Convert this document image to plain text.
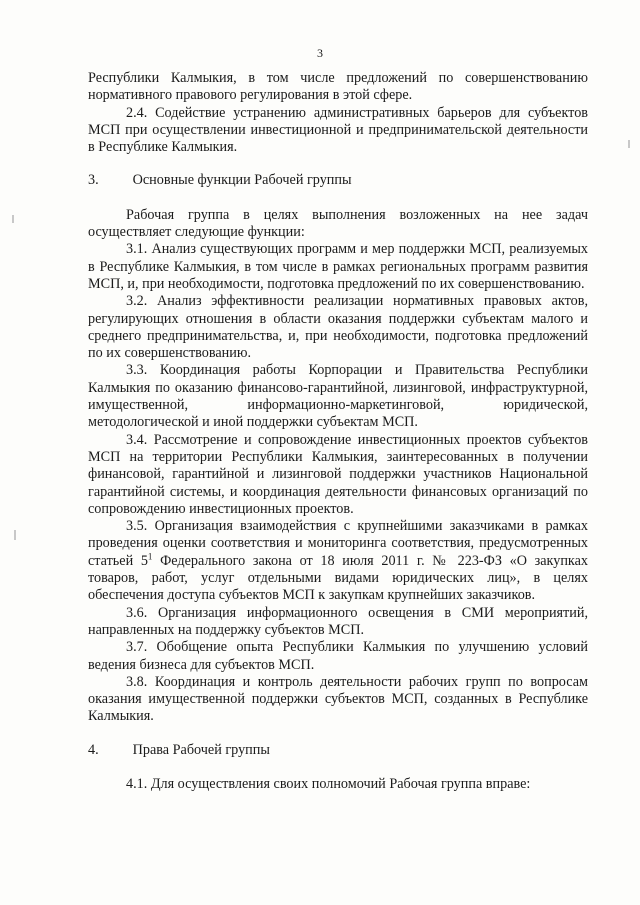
3

Республики Калмыкия, в том числе предложений по совершенствованию нормативного правового регулирования в этой сфере.

2.4. Содействие устранению административных барьеров для субъектов МСП при осуществлении инвестиционной и предпринимательской деятельности в Республике Калмыкия.

3. Основные функции Рабочей группы

Рабочая группа в целях выполнения возложенных на нее задач осуществляет следующие функции:

3.1. Анализ существующих программ и мер поддержки МСП, реализуемых в Республике Калмыкия, в том числе в рамках региональных программ развития МСП, и, при необходимости, подготовка предложений по их совершенствованию.

3.2. Анализ эффективности реализации нормативных правовых актов, регулирующих отношения в области оказания поддержки субъектам малого и среднего предпринимательства, и, при необходимости, подготовка предложений по их совершенствованию.

3.3. Координация работы Корпорации и Правительства Республики Калмыкия по оказанию финансово-гарантийной, лизинговой, инфраструктурной, имущественной, информационно-маркетинговой, юридической, методологической и иной поддержки субъектам МСП.

3.4. Рассмотрение и сопровождение инвестиционных проектов субъектов МСП на территории Республики Калмыкия, заинтересованных в получении финансовой, гарантийной и лизинговой поддержки участников Национальной гарантийной системы, и координация деятельности финансовых организаций по сопровождению инвестиционных проектов.

3.5. Организация взаимодействия с крупнейшими заказчиками в рамках проведения оценки соответствия и мониторинга соответствия, предусмотренных статьей $5^1$ Федерального закона от 18 июля 2011 г. № 223-ФЗ «О закупках товаров, работ, услуг отдельными видами юридических лиц», в целях обеспечения доступа субъектов МСП к закупкам крупнейших заказчиков.

3.6. Организация информационного освещения в СМИ мероприятий, направленных на поддержку субъектов МСП.

3.7. Обобщение опыта Республики Калмыкия по улучшению условий ведения бизнеса для субъектов МСП.

3.8. Координация и контроль деятельности рабочих групп по вопросам оказания имущественной поддержки субъектов МСП, созданных в Республике Калмыкия.

4. Права Рабочей группы

4.1. Для осуществления своих полномочий Рабочая группа вправе:
